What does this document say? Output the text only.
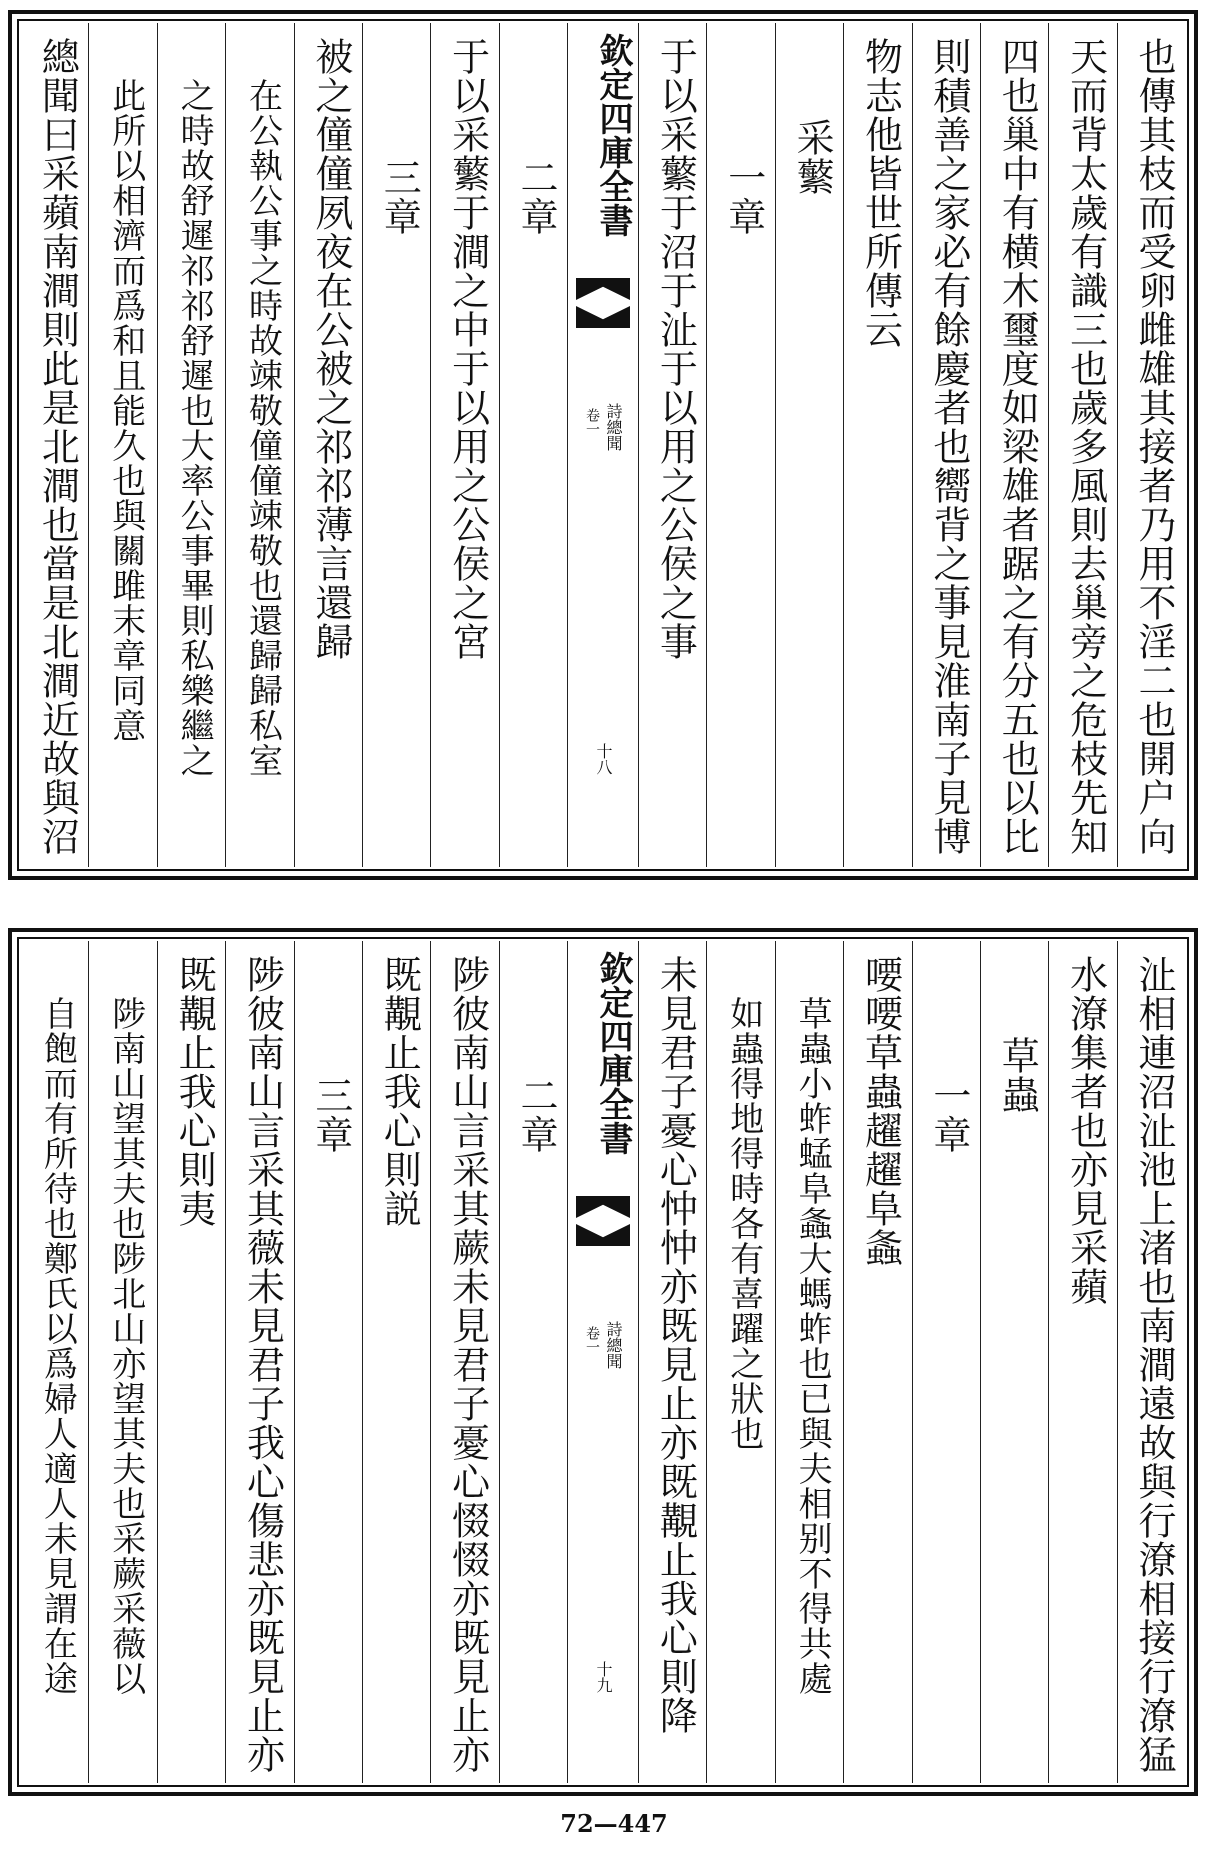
也傳其枝而受卵雌雄其接者乃用不淫二也開户向
天而背太歲有識三也歲多風則去巢旁之危枝先知
四也巢中有横木璽度如梁雄者踞之有分五也以比
則積善之家必有餘慶者也嚮背之事見淮南子見博
物志他皆世所傳云
采蘩
一章
于以采蘩于沼于沚于以用之公侯之事
欽定四庫全書
詩總聞
卷一
十八
二章
于以采蘩于澗之中于以用之公侯之宮
三章
被之僮僮夙夜在公被之祁祁薄言還歸
在公執公事之時故竦敬僮僮竦敬也還歸歸私室
之時故舒遲祁祁舒遲也大率公事畢則私樂繼之
此所以相濟而爲和且能久也與關雎末章同意
總聞曰采蘋南澗則此是北澗也當是北澗近故與沼
沚相連沼沚池上渚也南澗遠故與行潦相接行潦猛
水潦集者也亦見采蘋
草蟲
一章
喓喓草蟲趯趯阜螽
草蟲小蚱蜢阜螽大螞蚱也已與夫相别不得共處
如蟲得地得時各有喜躍之狀也
未見君子憂心忡忡亦既見止亦既覯止我心則降
欽定四庫全書
詩總聞
卷一
十九
二章
陟彼南山言采其蕨未見君子憂心惙惙亦既見止亦
既覯止我心則説
三章
陟彼南山言采其薇未見君子我心傷悲亦既見止亦
既覯止我心則夷
陟南山望其夫也陟北山亦望其夫也采蕨采薇以
自飽而有所待也鄭氏以爲婦人適人未見謂在途
72—447
